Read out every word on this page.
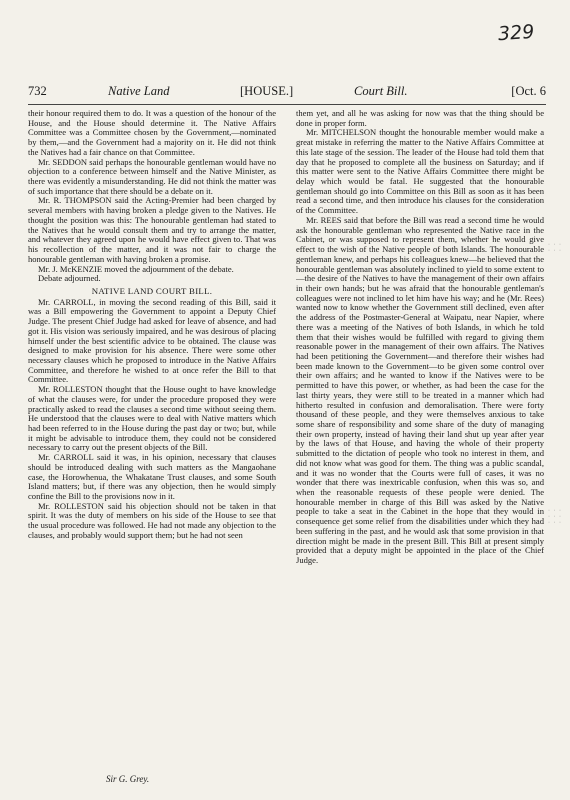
329
732	Native Land	[HOUSE.]	Court Bill.	[Oct. 6

their honour required them to do. It was a question of the honour of the House, and the House should determine it. The Native Affairs Committee was a Committee chosen by the Government,—nominated by them,—and the Government had a majority on it. He did not think the Natives had a fair chance on that Committee.

Mr. SEDDON said perhaps the honourable gentleman would have no objection to a conference between himself and the Native Minister, as there was evidently a misunderstanding. He did not think the matter was of such importance that there should be a debate on it.

Mr. R. THOMPSON said the Acting-Premier had been charged by several members with having broken a pledge given to the Natives. He thought the position was this: The honourable gentleman had stated to the Natives that he would consult them and try to arrange the matter, and whatever they agreed upon he would have effect given to. That was his recollection of the matter, and it was not fair to charge the honourable gentleman with having broken a promise.

Mr. J. McKENZIE moved the adjournment of the debate.

Debate adjourned.

NATIVE LAND COURT BILL.

Mr. CARROLL, in moving the second reading of this Bill, said it was a Bill empowering the Government to appoint a Deputy Chief Judge. The present Chief Judge had asked for leave of absence, and had got it. His vision was seriously impaired, and he was desirous of placing himself under the best scientific advice to be obtained. The clause was designed to make provision for his absence. There were some other necessary clauses which he proposed to introduce in the Native Affairs Committee, and therefore he wished to at once refer the Bill to that Committee.

Mr. ROLLESTON thought that the House ought to have knowledge of what the clauses were, for under the procedure proposed they were practically asked to read the clauses a second time without seeing them. He understood that the clauses were to deal with Native matters which had been referred to in the House during the past day or two; but, while it might be advisable to introduce them, they could not be considered necessary to carry out the present objects of the Bill.

Mr. CARROLL said it was, in his opinion, necessary that clauses should be introduced dealing with such matters as the Mangaohane case, the Horowhenua, the Whakatane Trust clauses, and some South Island matters; but, if there was any objection, then he would simply confine the Bill to the provisions now in it.

Mr. ROLLESTON said his objection should not be taken in that spirit. It was the duty of members on his side of the House to see that the usual procedure was followed. He had not made any objection to the clauses, and probably would support them; but he had not seen

them yet, and all he was asking for now was that the thing should be done in proper form.

Mr. MITCHELSON thought the honourable member would make a great mistake in referring the matter to the Native Affairs Committee at this late stage of the session. The leader of the House had told them that day that he proposed to complete all the business on Saturday; and if this matter were sent to the Native Affairs Committee there might be delay which would be fatal. He suggested that the honourable gentleman should go into Committee on this Bill as soon as it has been read a second time, and then introduce his clauses for the consideration of the Committee.

Mr. REES said that before the Bill was read a second time he would ask the honourable gentleman who represented the Native race in the Cabinet, or was supposed to represent them, whether he would give effect to the wish of the Native people of both Islands. The honourable gentleman knew, and perhaps his colleagues knew—he believed that the honourable gentleman was absolutely inclined to yield to some extent to—the desire of the Natives to have the management of their own affairs in their own hands; but he was afraid that the honourable gentleman's colleagues were not inclined to let him have his way; and he (Mr. Rees) wanted now to know whether the Government still declined, even after the address of the Postmaster-General at Waipatu, near Napier, where there was a meeting of the Natives of both Islands, in which he told them that their wishes would be fulfilled with regard to giving them reasonable power in the management of their own affairs. The Natives had been petitioning the Government—and therefore their wishes had been made known to the Government—to be given some control over their own affairs; and he wanted to know if the Natives were to be permitted to have this power, or whether, as had been the case for the last thirty years, they were still to be treated in a manner which had hitherto resulted in confusion and demoralisation. There were forty thousand of these people, and they were themselves anxious to take some share of responsibility and some share of the duty of managing their own property, instead of having their land shut up year after year by the laws of that House, and having the whole of their property submitted to the dictation of people who took no interest in them, and did not know what was good for them. The thing was a public scandal, and it was no wonder that the Courts were full of cases, it was no wonder that there was inextricable confusion, when this was so, and when the reasonable requests of these people were denied. The honourable member in charge of this Bill was asked by the Native people to take a seat in the Cabinet in the hope that they would in consequence get some relief from the disabilities under which they had been suffering in the past, and he would ask that some provision in that direction might be made in the present Bill. This Bill at present simply provided that a deputy might be appointed in the place of the Chief Judge.

Sir G. Grey.
· · ·
· · ·
· · ·
· · ·
· · ·
